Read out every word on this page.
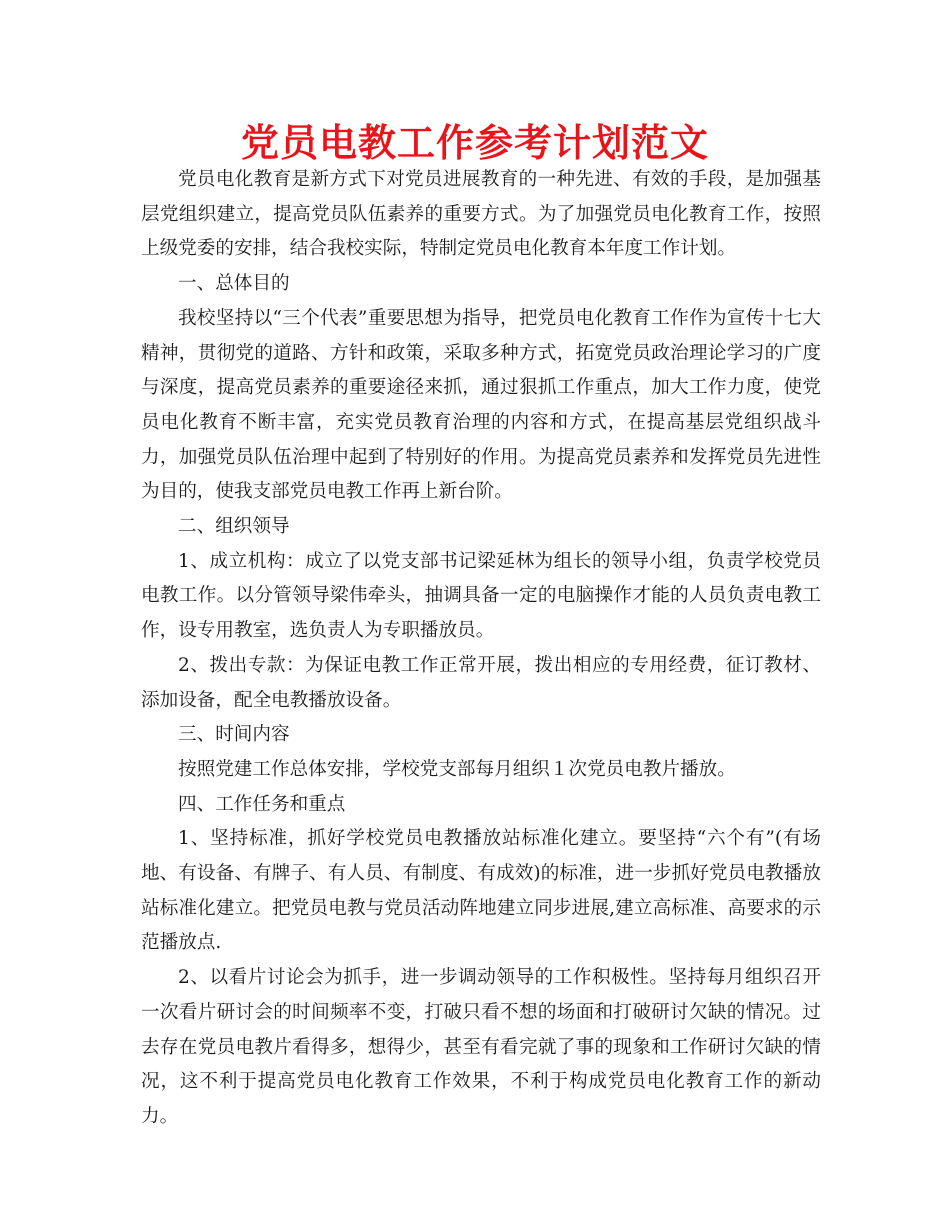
党员电教工作参考计划范文

党员电化教育是新方式下对党员进展教育的一种先进、有效的手段，是加强基层党组织建立，提高党员队伍素养的重要方式。为了加强党员电化教育工作，按照上级党委的安排，结合我校实际，特制定党员电化教育本年度工作计划。

一、总体目的

我校坚持以“三个代表”重要思想为指导，把党员电化教育工作作为宣传十七大精神，贯彻党的道路、方针和政策，采取多种方式，拓宽党员政治理论学习的广度与深度，提高党员素养的重要途径来抓，通过狠抓工作重点，加大工作力度，使党员电化教育不断丰富，充实党员教育治理的内容和方式，在提高基层党组织战斗力，加强党员队伍治理中起到了特别好的作用。为提高党员素养和发挥党员先进性为目的，使我支部党员电教工作再上新台阶。

二、组织领导

1、成立机构：成立了以党支部书记梁延林为组长的领导小组，负责学校党员电教工作。以分管领导梁伟牵头，抽调具备一定的电脑操作才能的人员负责电教工作，设专用教室，选负责人为专职播放员。

2、拨出专款：为保证电教工作正常开展，拨出相应的专用经费，征订教材、添加设备，配全电教播放设备。

三、时间内容

按照党建工作总体安排，学校党支部每月组织１次党员电教片播放。

四、工作任务和重点

1、坚持标准，抓好学校党员电教播放站标准化建立。要坚持“六个有”(有场地、有设备、有牌子、有人员、有制度、有成效)的标准，进一步抓好党员电教播放站标准化建立。把党员电教与党员活动阵地建立同步进展,建立高标准、高要求的示范播放点.

2、以看片讨论会为抓手，进一步调动领导的工作积极性。坚持每月组织召开一次看片研讨会的时间频率不变，打破只看不想的场面和打破研讨欠缺的情况。过去存在党员电教片看得多，想得少，甚至有看完就了事的现象和工作研讨欠缺的情况，这不利于提高党员电化教育工作效果，不利于构成党员电化教育工作的新动力。
